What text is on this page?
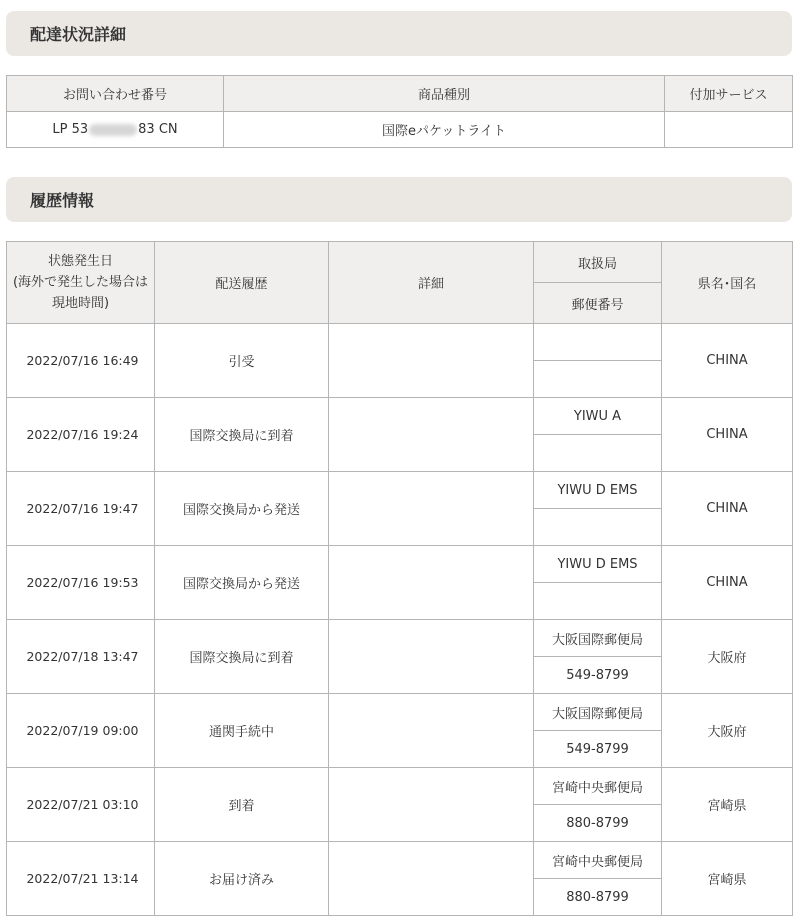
配達状況詳細
お問い合わせ番号	商品種別	付加サービス
LP 53 83 CN	国際eパケットライト	
履歴情報
状態発生日
(海外で発生した場合は現地時間)	配送履歴	詳細	取扱局	県名･国名
			郵便番号	
2022/07/16 16:49	引受			CHINA

2022/07/16 19:24	国際交換局に到着		YIWU A	CHINA

2022/07/16 19:47	国際交換局から発送		YIWU D EMS	CHINA

2022/07/16 19:53	国際交換局から発送		YIWU D EMS	CHINA

2022/07/18 13:47	国際交換局に到着		大阪国際郵便局	大阪府
			549-8799	
2022/07/19 09:00	通関手続中		大阪国際郵便局	大阪府
			549-8799	
2022/07/21 03:10	到着		宮崎中央郵便局	宮崎県
			880-8799	
2022/07/21 13:14	お届け済み		宮崎中央郵便局	宮崎県
			880-8799	
